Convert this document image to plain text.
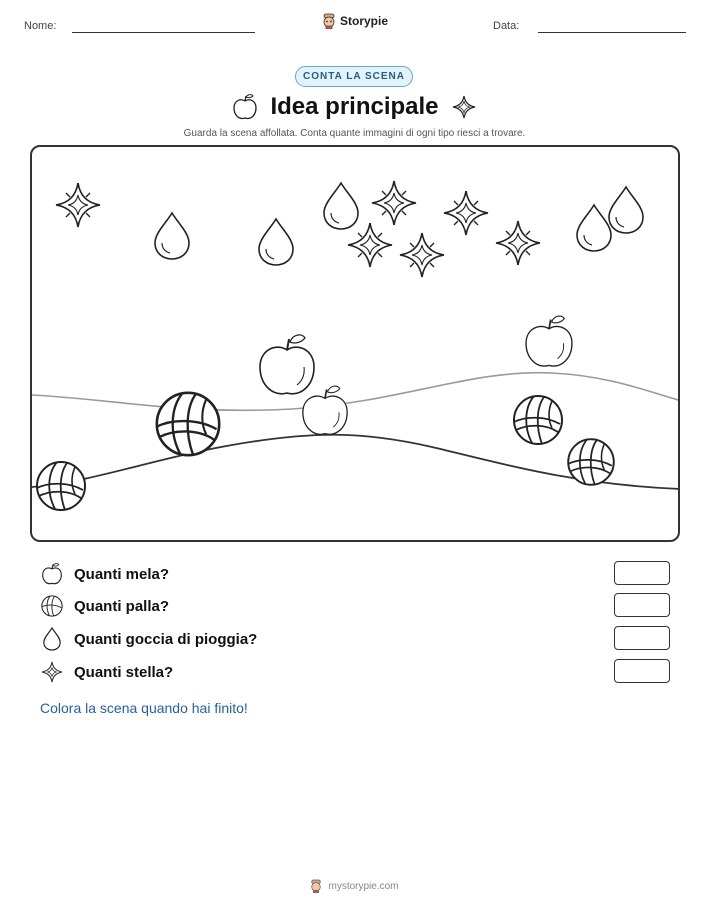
Nome:	Storypie	Data:
CONTA LA SCENA
Idea principale
Guarda la scena affollata. Conta quante immagini di ogni tipo riesci a trovare.
Quanti mela?
Quanti palla?
Quanti goccia di pioggia?
Quanti stella?
Colora la scena quando hai finito!
mystorypie.com
